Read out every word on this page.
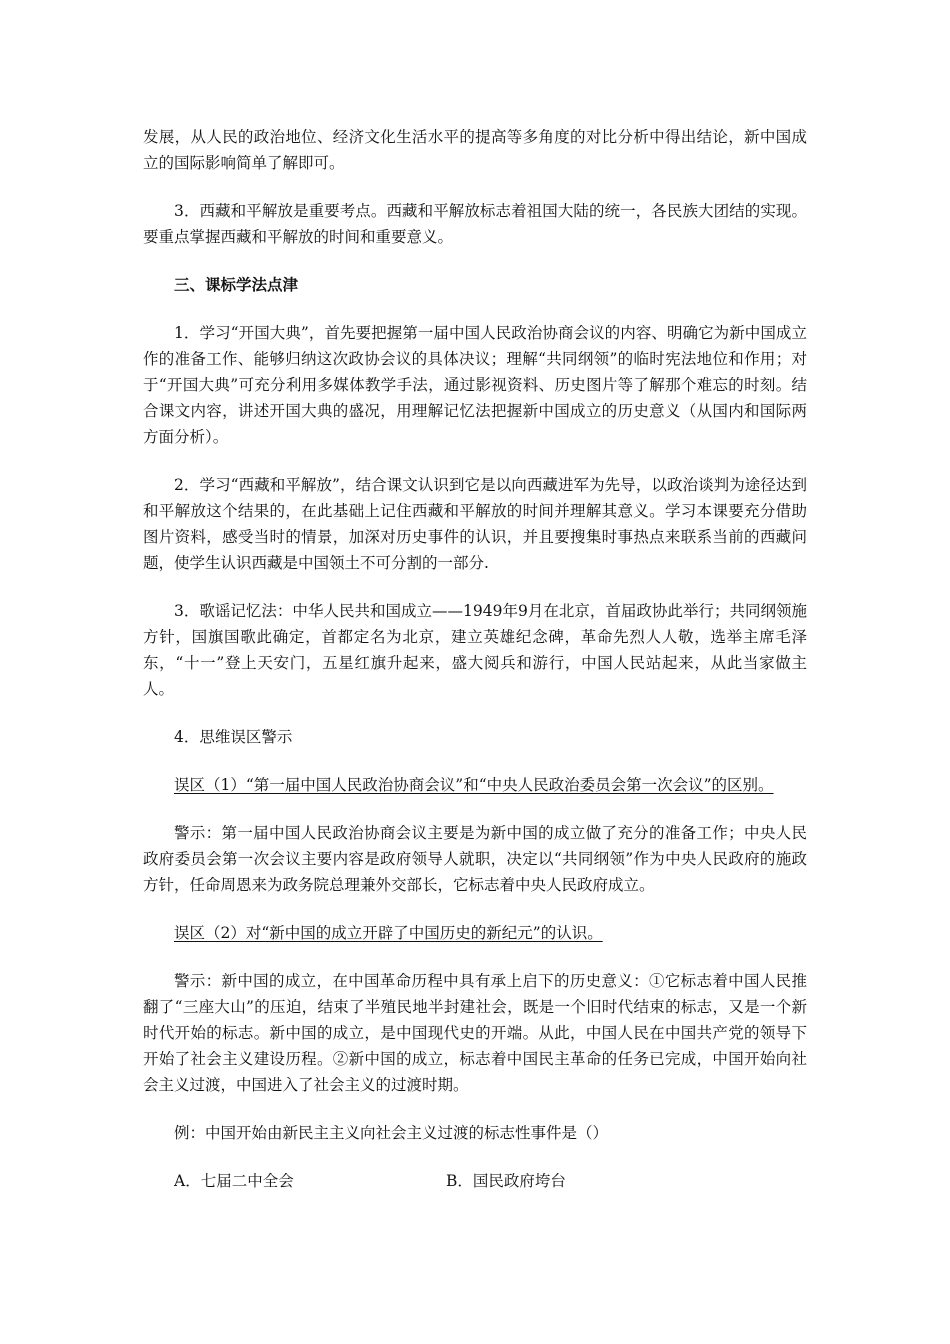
发展，从人民的政治地位、经济文化生活水平的提高等多角度的对比分析中得出结论，新中国成立的国际影响简单了解即可。

3．西藏和平解放是重要考点。西藏和平解放标志着祖国大陆的统一，各民族大团结的实现。要重点掌握西藏和平解放的时间和重要意义。

三、课标学法点津

1．学习“开国大典”，首先要把握第一届中国人民政治协商会议的内容、明确它为新中国成立作的准备工作、能够归纳这次政协会议的具体决议；理解“共同纲领”的临时宪法地位和作用；对于“开国大典”可充分利用多媒体教学手法，通过影视资料、历史图片等了解那个难忘的时刻。结合课文内容，讲述开国大典的盛况，用理解记忆法把握新中国成立的历史意义（从国内和国际两方面分析）。

2．学习“西藏和平解放”，结合课文认识到它是以向西藏进军为先导，以政治谈判为途径达到和平解放这个结果的，在此基础上记住西藏和平解放的时间并理解其意义。学习本课要充分借助图片资料，感受当时的情景，加深对历史事件的认识，并且要搜集时事热点来联系当前的西藏问题，使学生认识西藏是中国领土不可分割的一部分.

3．歌谣记忆法：中华人民共和国成立——1949年9月在北京，首届政协此举行；共同纲领施方针，国旗国歌此确定，首都定名为北京，建立英雄纪念碑，革命先烈人人敬，选举主席毛泽东，“十一”登上天安门，五星红旗升起来，盛大阅兵和游行，中国人民站起来，从此当家做主人。

4．思维误区警示

误区（1）“第一届中国人民政治协商会议”和“中央人民政治委员会第一次会议”的区别。

警示：第一届中国人民政治协商会议主要是为新中国的成立做了充分的准备工作；中央人民政府委员会第一次会议主要内容是政府领导人就职，决定以“共同纲领”作为中央人民政府的施政方针，任命周恩来为政务院总理兼外交部长，它标志着中央人民政府成立。

误区（2）对“新中国的成立开辟了中国历史的新纪元”的认识。

警示：新中国的成立，在中国革命历程中具有承上启下的历史意义：①它标志着中国人民推翻了“三座大山”的压迫，结束了半殖民地半封建社会，既是一个旧时代结束的标志，又是一个新时代开始的标志。新中国的成立，是中国现代史的开端。从此，中国人民在中国共产党的领导下开始了社会主义建设历程。②新中国的成立，标志着中国民主革命的任务已完成，中国开始向社会主义过渡，中国进入了社会主义的过渡时期。

例：中国开始由新民主主义向社会主义过渡的标志性事件是（）

A．七届二中全会	B．国民政府垮台
